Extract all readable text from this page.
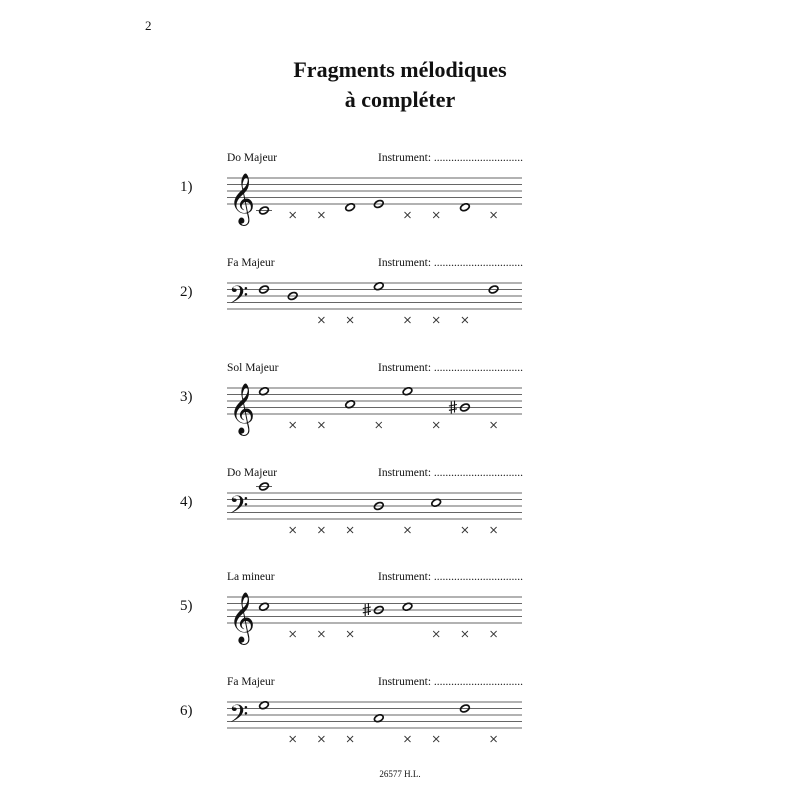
2
Fragments mélodiques
à compléter
Do Majeur	Instrument: ...............................
1) 𝄞
Fa Majeur	Instrument: ...............................
2) 𝄢
Sol Majeur	Instrument: ...............................
3) 𝄞
Do Majeur	Instrument: ...............................
4) 𝄢
La mineur	Instrument: ...............................
5) 𝄞
Fa Majeur	Instrument: ...............................
6) 𝄢
26577 H.L.
